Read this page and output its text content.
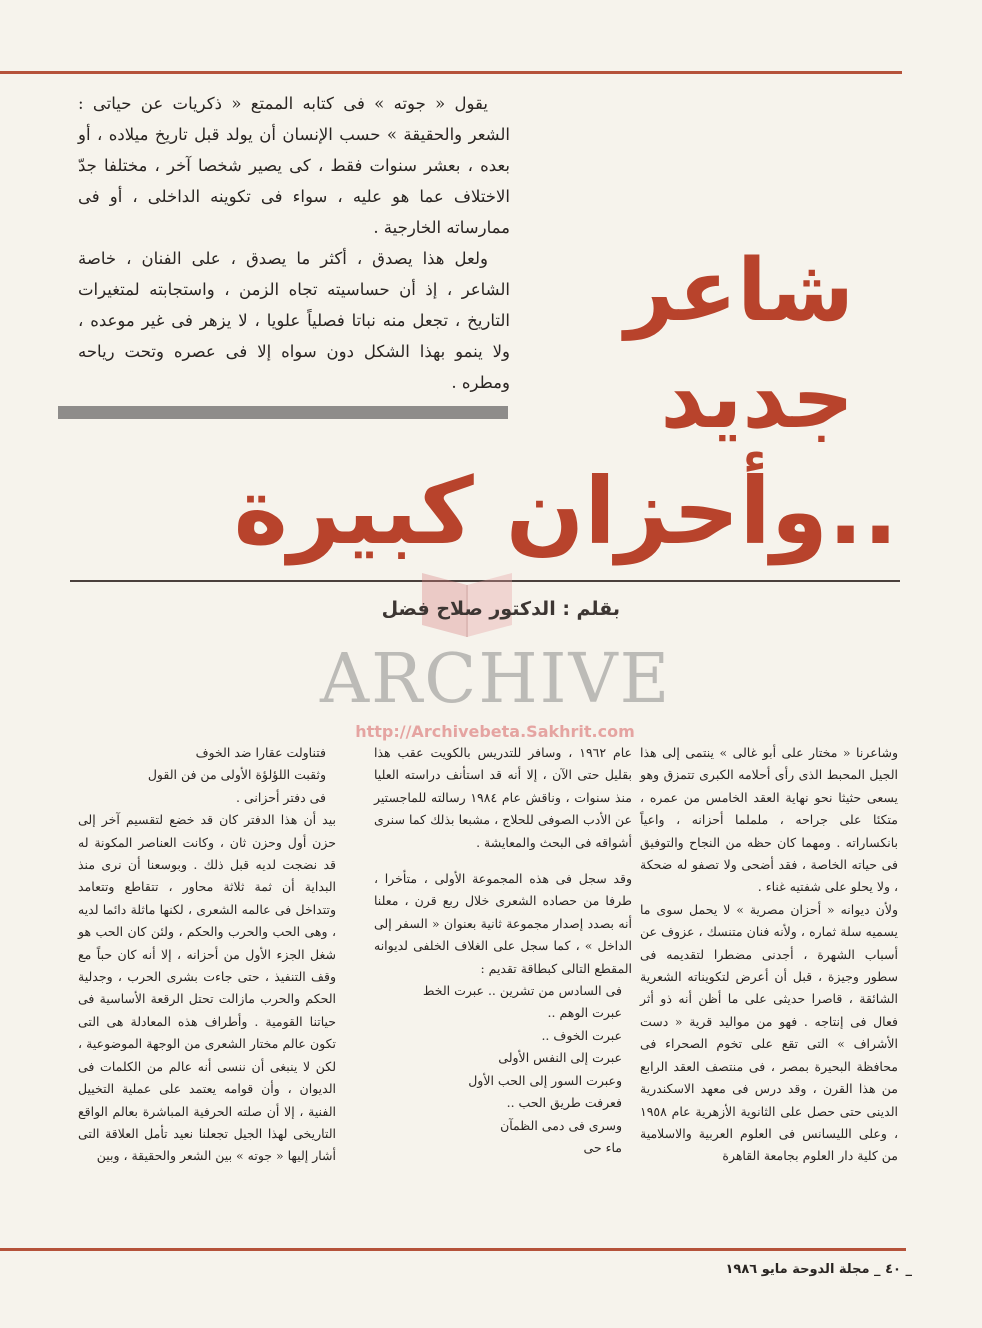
يقول « جوته » فى كتابه الممتع « ذكريات عن حياتى : الشعر والحقيقة » حسب الإنسان أن يولد قبل تاريخ ميلاده ، أو بعده ، بعشر سنوات فقط ، كى يصير شخصا آخر ، مختلفا جدّ الاختلاف عما هو عليه ، سواء فى تكوينه الداخلى ، أو فى ممارساته الخارجية .

ولعل هذا يصدق ، أكثر ما يصدق ، على الفنان ، خاصة الشاعر ، إذ أن حساسيته تجاه الزمن ، واستجابته لمتغيرات التاريخ ، تجعل منه نباتا فصلياً علويا ، لا يزهر فى غير موعده ، ولا ينمو بهذا الشكل دون سواه إلا فى عصره وتحت رياحه ومطره .

شاعر
جديد
..وأحزان كبيرة
بقلم : الدكتور صلاح فضل
ARCHIVE
http://Archivebeta.Sakhrit.com

وشاعرنا « مختار على أبو غالى » ينتمى إلى هذا الجيل المحبط الذى رأى أحلامه الكبرى تتمزق وهو يسعى حثيثا نحو نهاية العقد الخامس من عمره ، متكئا على جراحه ، ململما أحزانه ، واعياً بانكساراته . ومهما كان حظه من النجاح والتوفيق فى حياته الخاصة ، فقد أضحى ولا تصفو له ضحكة ، ولا يحلو على شفتيه غناء .

ولأن ديوانه « أحزان مصرية » لا يحمل سوى ما يسميه سلة ثماره ، ولأنه فنان متنسك ، عزوف عن أسباب الشهرة ، أجدنى مضطرا لتقديمه فى سطور وجيزة ، قبل أن أعرض لتكويناته الشعرية الشائقة ، قاصرا حديثى على ما أظن أنه ذو أثر فعال فى إنتاجه . فهو من مواليد قرية « دست الأشراف » التى تقع على تخوم الصحراء فى محافظة البحيرة بمصر ، فى منتصف العقد الرابع من هذا القرن ، وقد درس فى معهد الاسكندرية الدينى حتى حصل على الثانوية الأزهرية عام ١٩٥٨ ، وعلى الليسانس فى العلوم العربية والاسلامية من كلية دار العلوم بجامعة القاهرة

عام ١٩٦٢ ، وسافر للتدريس بالكويت عقب هذا بقليل حتى الآن ، إلا أنه قد استأنف دراسته العليا منذ سنوات ، وناقش عام ١٩٨٤ رسالته للماجستير عن الأدب الصوفى للحلاج ، مشبعا بذلك كما سنرى أشواقه فى البحث والمعايشة .

وقد سجل فى هذه المجموعة الأولى ، متأخرا ، طرفا من حصاده الشعرى خلال ربع قرن ، معلنا أنه بصدد إصدار مجموعة ثانية بعنوان « السفر إلى الداخل » ، كما سجل على الغلاف الخلفى لديوانه المقطع التالى كبطاقة تقديم :

فى السادس من تشرين .. عبرت الخط

عبرت الوهم ..

عبرت الخوف ..

عبرت إلى النفس الأولى

وعبرت السور إلى الحب الأول

فعرفت طريق الحب ..

وسرى فى دمى الظمآن

ماء حى

فتناولت عقارا ضد الخوف

وثقبت اللؤلؤة الأولى من فن القول

فى دفتر أحزانى .

بيد أن هذا الدفتر كان قد خضع لتقسيم آخر إلى حزن أول وحزن ثان ، وكانت العناصر المكونة له قد نضجت لديه قبل ذلك . وبوسعنا أن نرى منذ البداية أن ثمة ثلاثة محاور ، تتقاطع وتتعامد وتتداخل فى عالمه الشعرى ، لكنها ماثلة دائما لديه ، وهى الحب والحرب والحكم ، ولئن كان الحب هو شغل الجزء الأول من أحزانه ، إلا أنه كان حباً مع وقف التنفيذ ، حتى جاءت بشرى الحرب ، وجدلية الحكم والحرب مازالت تحتل الرقعة الأساسية فى حياتنا القومية . وأطراف هذه المعادلة هى التى تكون عالم مختار الشعرى من الوجهة الموضوعية ، لكن لا ينبغى أن ننسى أنه عالم من الكلمات فى الديوان ، وأن قوامه يعتمد على عملية التخييل الفنية ، إلا أن صلته الحرفية المباشرة بعالم الواقع التاريخى لهذا الجيل تجعلنا نعيد تأمل العلاقة التى أشار إليها « جوته » بين الشعر والحقيقة ، وبين

_ ٤٠ _ مجلة الدوحة مايو ١٩٨٦
